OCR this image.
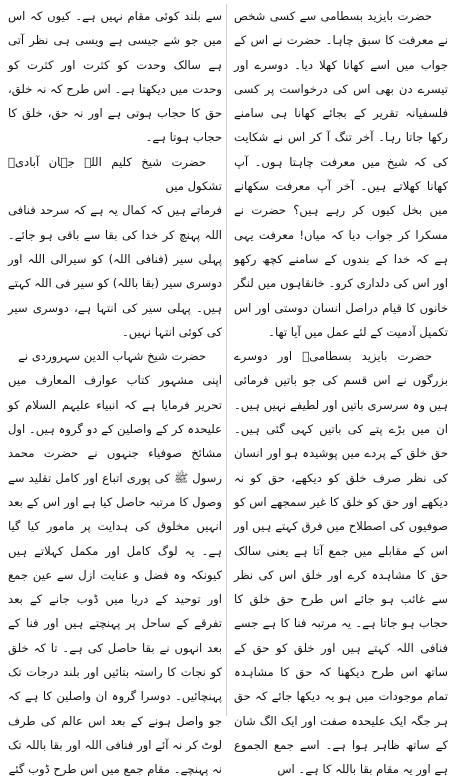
حضرت بایزید بسطامی سے کسی شخص نے معرفت کا سبق چاہا۔ حضرت نے اس کے جواب میں اسے کھانا کھلا دیا۔ دوسرے اور تیسرے دن بھی اس کی درخواست پر کسی فلسفیانہ تقریر کے بجائے کھانا ہی سامنے رکھا جاتا رہا۔ آخر تنگ آ کر اس نے شکایت کی کہ شیخ میں معرفت چاہتا ہوں۔ آپ کھانا کھلاتے ہیں۔ آخر آپ معرفت سکھانے میں بخل کیوں کر رہے ہیں؟ حضرت نے مسکرا کر جواب دیا کہ میاں! معرفت یہی ہے کہ خدا کے بندوں کے سامنے کچھ رکھو اور اس کی دلداری کرو۔ خانقاہوں میں لنگر خانوں کا قیام دراصل انسان دوستی اور اس تکمیل آدمیت کے لئے عمل میں آیا تھا۔

حضرت بایزید بسطامیؒ اور دوسرے بزرگوں نے اس قسم کی جو باتیں فرمائی ہیں وہ سرسری باتیں اور لطیفے نہیں ہیں۔ ان میں بڑے پتے کی باتیں کہی گئی ہیں۔ حق خلق کے پردے میں پوشیدہ ہو اور انسان کی نظر صرف خلق کو دیکھے، حق کو نہ دیکھے اور حق کو خلق کا غیر سمجھے اس کو صوفیوں کی اصطلاح میں فرق کہتے ہیں اور اس کے مقابلے میں جمع آتا ہے یعنی سالک حق کا مشاہدہ کرے اور خلق اس کی نظر سے غائب ہو جائے اس طرح حق خلق کا حجاب ہو جاتا ہے۔ یہ مرتبہ فنا کا ہے جسے فنافی اللہ کہتے ہیں اور خلق کو حق کے ساتھ اس طرح دیکھنا کہ حق کا مشاہدہ تمام موجودات میں ہو یہ دیکھا جائے کہ حق ہر جگہ ایک علیحدہ صفت اور ایک الگ شان کے ساتھ ظاہر ہوا ہے۔ اسے جمع الجموع ہے اور یہ مقام بقا باللہ کا ہے۔ اس

سے بلند کوئی مقام نہیں ہے۔ کیوں کہ اس میں جو شے جیسی ہے ویسی ہی نظر آتی ہے سالک وحدت کو کثرت اور کثرت کو وحدت میں دیکھتا ہے۔ اس طرح کہ نہ خلق، حق کا حجاب ہوتی ہے اور نہ حق، خلق کا حجاب ہوتا ہے۔

حضرت شیخ کلیم اللہ جہان آبادیؒ تشکول میں

فرماتے ہیں کہ کمال یہ ہے کہ سرحد فنافی اللہ پہنچ کر خدا کی بقا سے باقی ہو جائے۔ پہلی سیر (فنافی اللہ) کو سیرالی اللہ اور دوسری سیر (بقا باللہ) کو سیر فی اللہ کہتے ہیں۔ پہلی سیر کی انتہا ہے، دوسری سیر کی کوئی انتہا نہیں۔

حضرت شیخ شہاب الدین سہروردی نے

اپنی مشہور کتاب عوارف المعارف میں تحریر فرمایا ہے کہ انبیاء علیہم السلام کو علیحدہ کر کے واصلین کے دو گروہ ہیں۔ اول مشائخ صوفیاء جنہوں نے حضرت محمد رسول ﷺ کی پوری اتباع اور کامل تقلید سے وصول کا مرتبہ حاصل کیا ہے اور اس کے بعد انہیں مخلوق کی ہدایت پر مامور کیا گیا ہے۔ یہ لوگ کامل اور مکمل کہلاتے ہیں کیونکہ وہ فضل و عنایت ازل سے عین جمع اور توحید کے دریا میں ڈوب جانے کے بعد تفرقے کے ساحل پر پہنچتے ہیں اور فنا کے بعد انہوں نے بقا حاصل کی ہے۔ تا کہ خلق کو نجات کا راستہ بتائیں اور بلند درجات تک پہنچائیں۔ دوسرا گروہ ان واصلین کا ہے کہ جو واصل ہونے کے بعد اس عالم کی طرف لوٹ کر نہ آئے اور فنافی اللہ اور بقا باللہ تک نہ پہنچے۔ مقام جمع میں اس طرح ڈوب گئے
